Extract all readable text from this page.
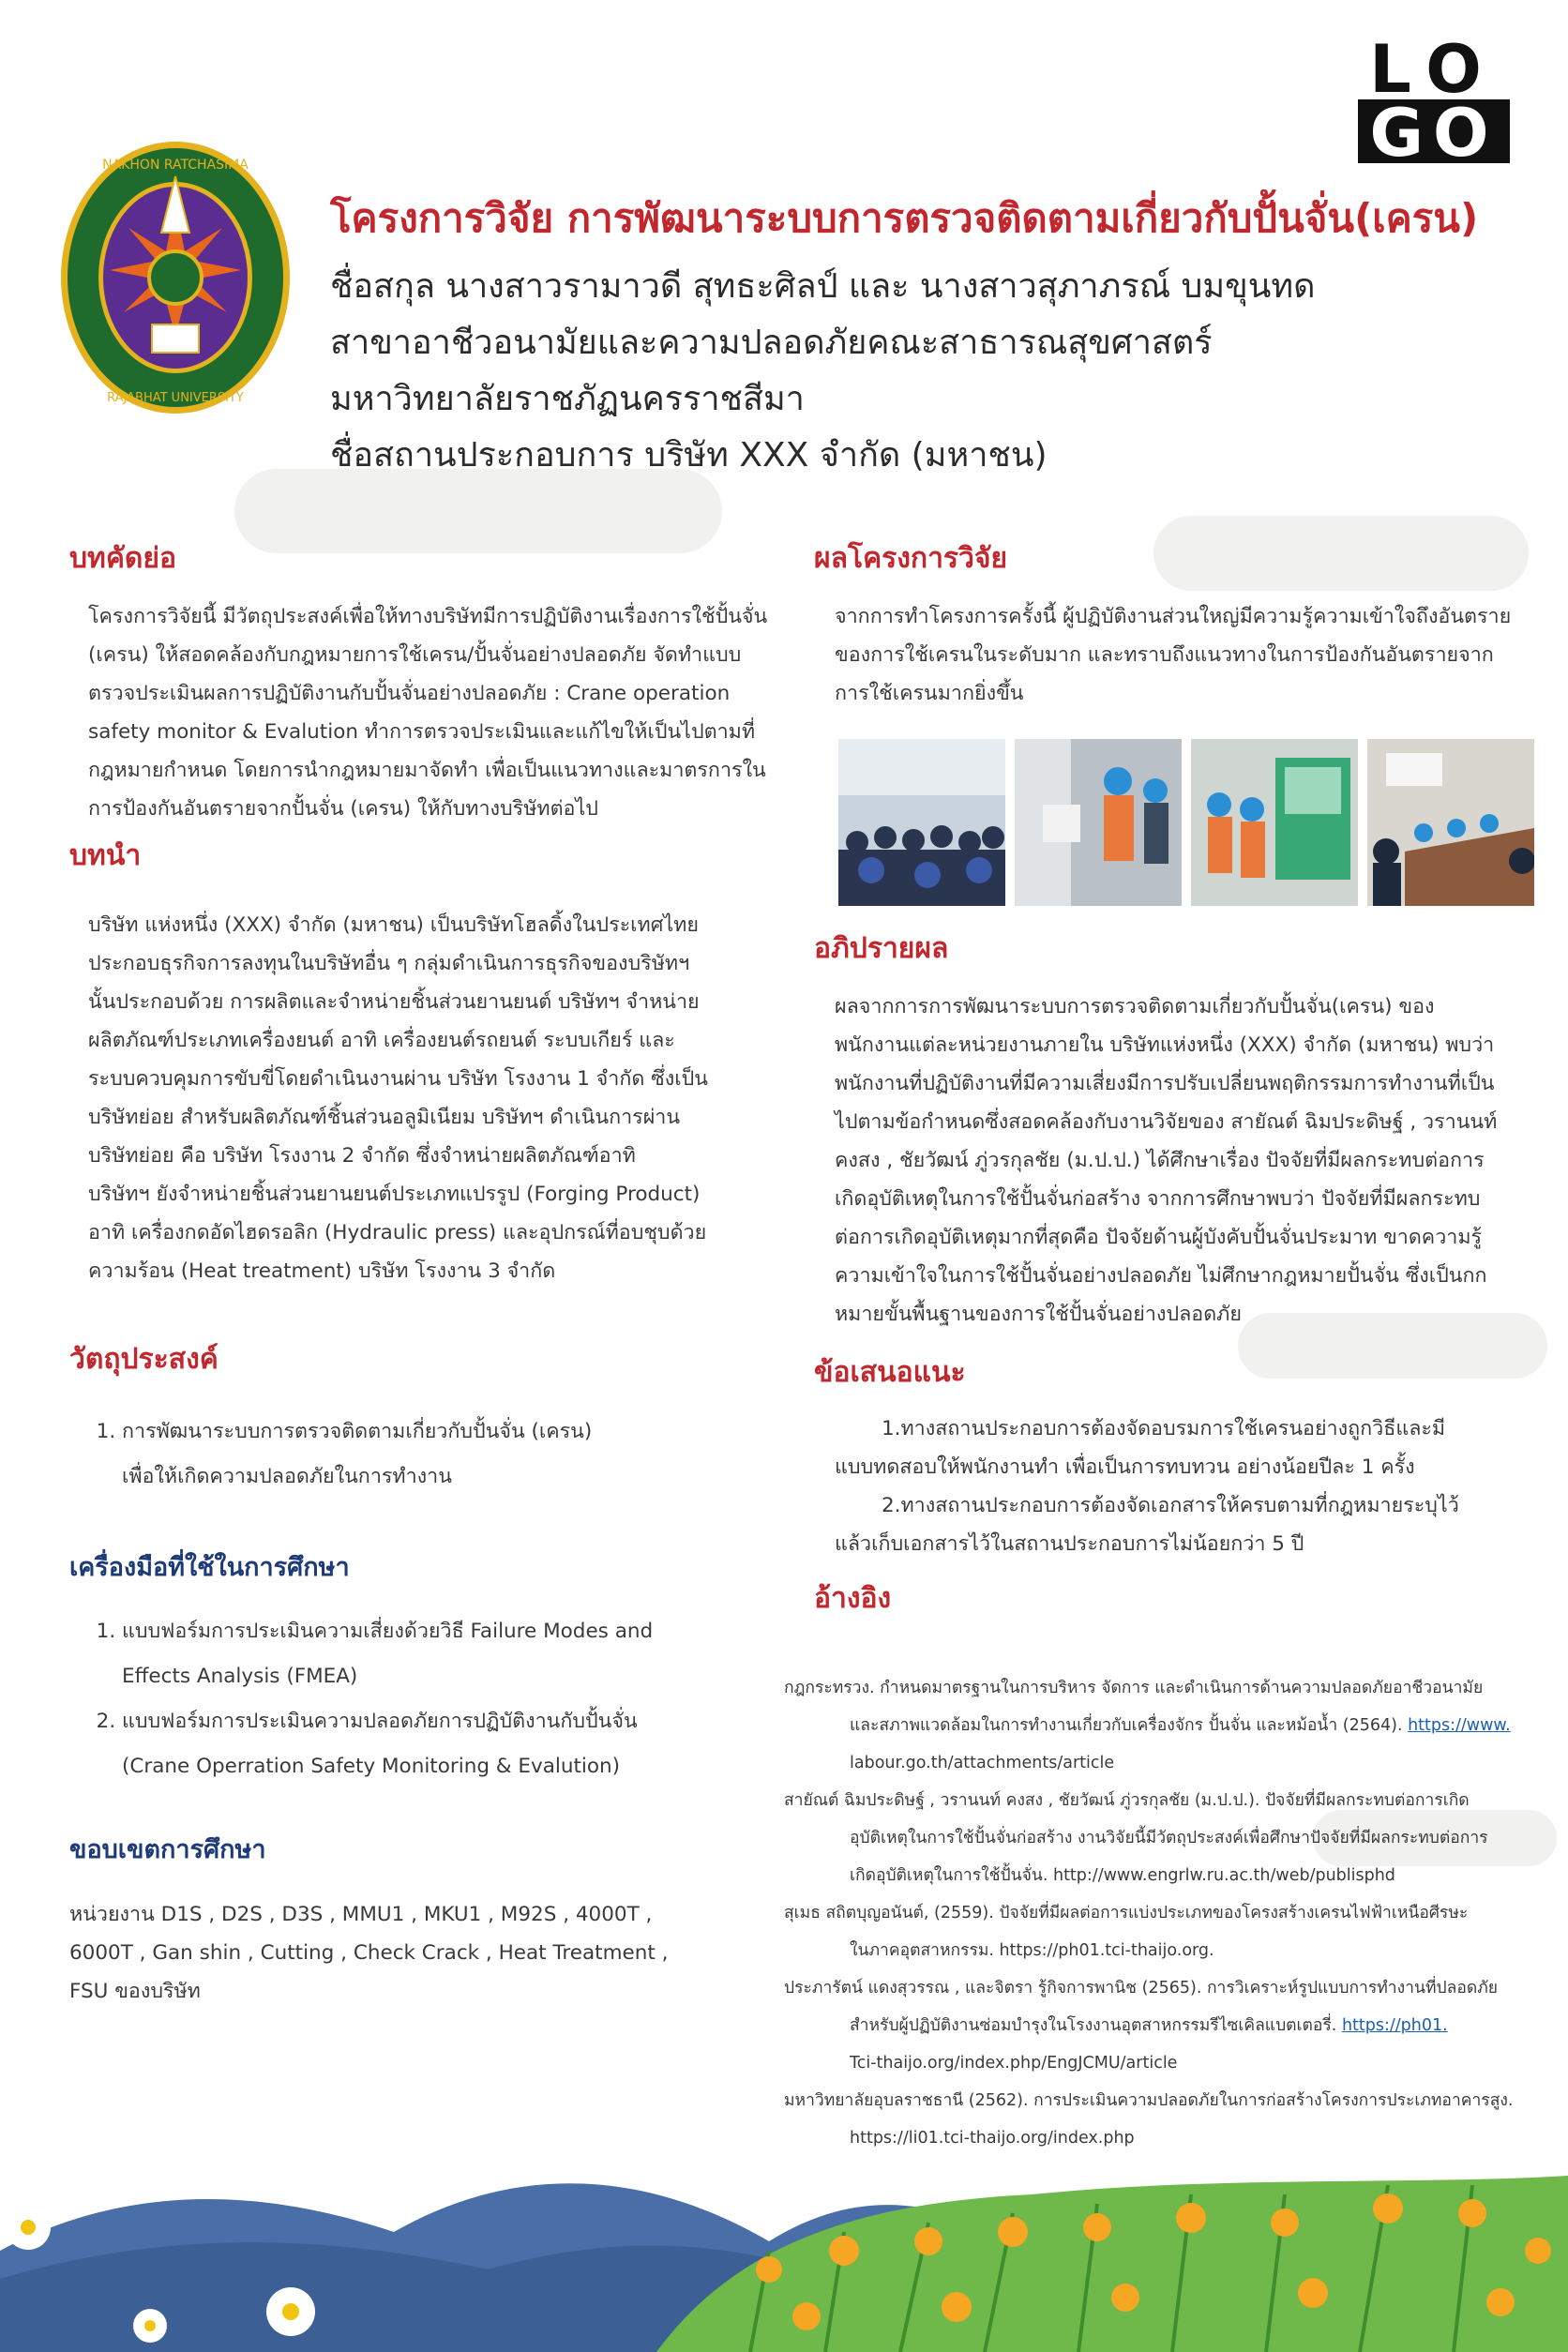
NAKHON RATCHASIMA
RAJABHAT UNIVERSITY
LO
GO

โครงการวิจัย การพัฒนาระบบการตรวจติดตามเกี่ยวกับปั้นจั่น(เครน)

ชื่อสกุล นางสาวรามาวดี สุทธะศิลป์ และ นางสาวสุภาภรณ์ บมขุนทด
สาขาอาชีวอนามัยและความปลอดภัยคณะสาธารณสุขศาสตร์
มหาวิทยาลัยราชภัฏนครราชสีมา
ชื่อสถานประกอบการ บริษัท XXX จำกัด (มหาชน)

บทคัดย่อ

โครงการวิจัยนี้ มีวัตถุประสงค์เพื่อให้ทางบริษัทมีการปฏิบัติงานเรื่องการใช้ปั้นจั่น

(เครน) ให้สอดคล้องกับกฎหมายการใช้เครน/ปั้นจั่นอย่างปลอดภัย จัดทำแบบ

ตรวจประเมินผลการปฏิบัติงานกับปั้นจั่นอย่างปลอดภัย : Crane operation

safety monitor & Evalution ทำการตรวจประเมินและแก้ไขให้เป็นไปตามที่

กฎหมายกำหนด โดยการนำกฎหมายมาจัดทำ เพื่อเป็นแนวทางและมาตรการใน

การป้องกันอันตรายจากปั้นจั่น (เครน) ให้กับทางบริษัทต่อไป

บทนำ

บริษัท แห่งหนึ่ง (XXX) จำกัด (มหาชน) เป็นบริษัทโฮลดิ้งในประเทศไทย

ประกอบธุรกิจการลงทุนในบริษัทอื่น ๆ กลุ่มดำเนินการธุรกิจของบริษัทฯ

นั้นประกอบด้วย การผลิตและจำหน่ายชิ้นส่วนยานยนต์ บริษัทฯ จำหน่าย

ผลิตภัณฑ์ประเภทเครื่องยนต์ อาทิ เครื่องยนต์รถยนต์ ระบบเกียร์ และ

ระบบควบคุมการขับขี่โดยดำเนินงานผ่าน บริษัท โรงงาน 1 จำกัด ซึ่งเป็น

บริษัทย่อย สำหรับผลิตภัณฑ์ชิ้นส่วนอลูมิเนียม บริษัทฯ ดำเนินการผ่าน

บริษัทย่อย คือ บริษัท โรงงาน 2 จำกัด ซึ่งจำหน่ายผลิตภัณฑ์อาทิ

บริษัทฯ ยังจำหน่ายชิ้นส่วนยานยนต์ประเภทแปรรูป (Forging Product)

อาทิ เครื่องกดอัดไฮดรอลิก (Hydraulic press) และอุปกรณ์ที่อบชุบด้วย

ความร้อน (Heat treatment) บริษัท โรงงาน 3 จำกัด

วัตถุประสงค์

1. การพัฒนาระบบการตรวจติดตามเกี่ยวกับปั้นจั่น (เครน)
เพื่อให้เกิดความปลอดภัยในการทำงาน

เครื่องมือที่ใช้ในการศึกษา

1. แบบฟอร์มการประเมินความเสี่ยงด้วยวิธี Failure Modes and
Effects Analysis (FMEA)
2. แบบฟอร์มการประเมินความปลอดภัยการปฏิบัติงานกับปั้นจั่น
(Crane Operration Safety Monitoring & Evalution)

ขอบเขตการศึกษา

หน่วยงาน D1S , D2S , D3S , MMU1 , MKU1 , M92S , 4000T ,

6000T , Gan shin , Cutting , Check Crack , Heat Treatment ,

FSU ของบริษัท

ผลโครงการวิจัย

จากการทำโครงการครั้งนี้ ผู้ปฏิบัติงานส่วนใหญ่มีความรู้ความเข้าใจถึงอันตราย

ของการใช้เครนในระดับมาก และทราบถึงแนวทางในการป้องกันอันตรายจาก

การใช้เครนมากยิ่งขึ้น

อภิปรายผล

ผลจากการการพัฒนาระบบการตรวจติดตามเกี่ยวกับปั้นจั่น(เครน) ของ

พนักงานแต่ละหน่วยงานภายใน บริษัทแห่งหนึ่ง (XXX) จำกัด (มหาชน) พบว่า

พนักงานที่ปฏิบัติงานที่มีความเสี่ยงมีการปรับเปลี่ยนพฤติกรรมการทำงานที่เป็น

ไปตามข้อกำหนดซึ่งสอดคล้องกับงานวิจัยของ สายัณต์ ฉิมประดิษฐ์ , วรานนท์

คงสง , ชัยวัฒน์ ภู่วรกุลชัย (ม.ป.ป.) ได้ศึกษาเรื่อง ปัจจัยที่มีผลกระทบต่อการ

เกิดอุบัติเหตุในการใช้ปั้นจั่นก่อสร้าง จากการศึกษาพบว่า ปัจจัยที่มีผลกระทบ

ต่อการเกิดอุบัติเหตุมากที่สุดคือ ปัจจัยด้านผู้บังคับปั้นจั่นประมาท ขาดความรู้

ความเข้าใจในการใช้ปั้นจั่นอย่างปลอดภัย ไม่ศึกษากฎหมายปั้นจั่น ซึ่งเป็นกก

หมายขั้นพื้นฐานของการใช้ปั้นจั่นอย่างปลอดภัย

ข้อเสนอแนะ

1.ทางสถานประกอบการต้องจัดอบรมการใช้เครนอย่างถูกวิธีและมี

แบบทดสอบให้พนักงานทำ เพื่อเป็นการทบทวน อย่างน้อยปีละ 1 ครั้ง

2.ทางสถานประกอบการต้องจัดเอกสารให้ครบตามที่กฎหมายระบุไว้

แล้วเก็บเอกสารไว้ในสถานประกอบการไม่น้อยกว่า 5 ปี

อ้างอิง

กฎกระทรวง. กำหนดมาตรฐานในการบริหาร จัดการ และดำเนินการด้านความปลอดภัยอาชีวอนามัย
และสภาพแวดล้อมในการทำงานเกี่ยวกับเครื่องจักร ปั้นจั่น และหม้อน้ำ (2564). https://www.
labour.go.th/attachments/article

สายัณต์ ฉิมประดิษฐ์ , วรานนท์ คงสง , ชัยวัฒน์ ภู่วรกุลชัย (ม.ป.ป.). ปัจจัยที่มีผลกระทบต่อการเกิด
อุบัติเหตุในการใช้ปั้นจั่นก่อสร้าง งานวิจัยนี้มีวัตถุประสงค์เพื่อศึกษาปัจจัยที่มีผลกระทบต่อการ
เกิดอุบัติเหตุในการใช้ปั้นจั่น. http://www.engrlw.ru.ac.th/web/publisphd

สุเมธ สถิตบุญอนันต์, (2559). ปัจจัยที่มีผลต่อการแบ่งประเภทของโครงสร้างเครนไฟฟ้าเหนือศีรษะ
ในภาคอุตสาหกรรม. https://ph01.tci-thaijo.org.

ประภารัตน์ แดงสุวรรณ , และจิตรา รู้กิจการพานิช (2565). การวิเคราะห์รูปแบบการทำงานที่ปลอดภัย
สำหรับผู้ปฏิบัติงานซ่อมบำรุงในโรงงานอุตสาหกรรมรีไซเคิลแบตเตอรี่. https://ph01.
Tci-thaijo.org/index.php/EngJCMU/article

มหาวิทยาลัยอุบลราชธานี (2562). การประเมินความปลอดภัยในการก่อสร้างโครงการประเภทอาคารสูง.
https://li01.tci-thaijo.org/index.php
